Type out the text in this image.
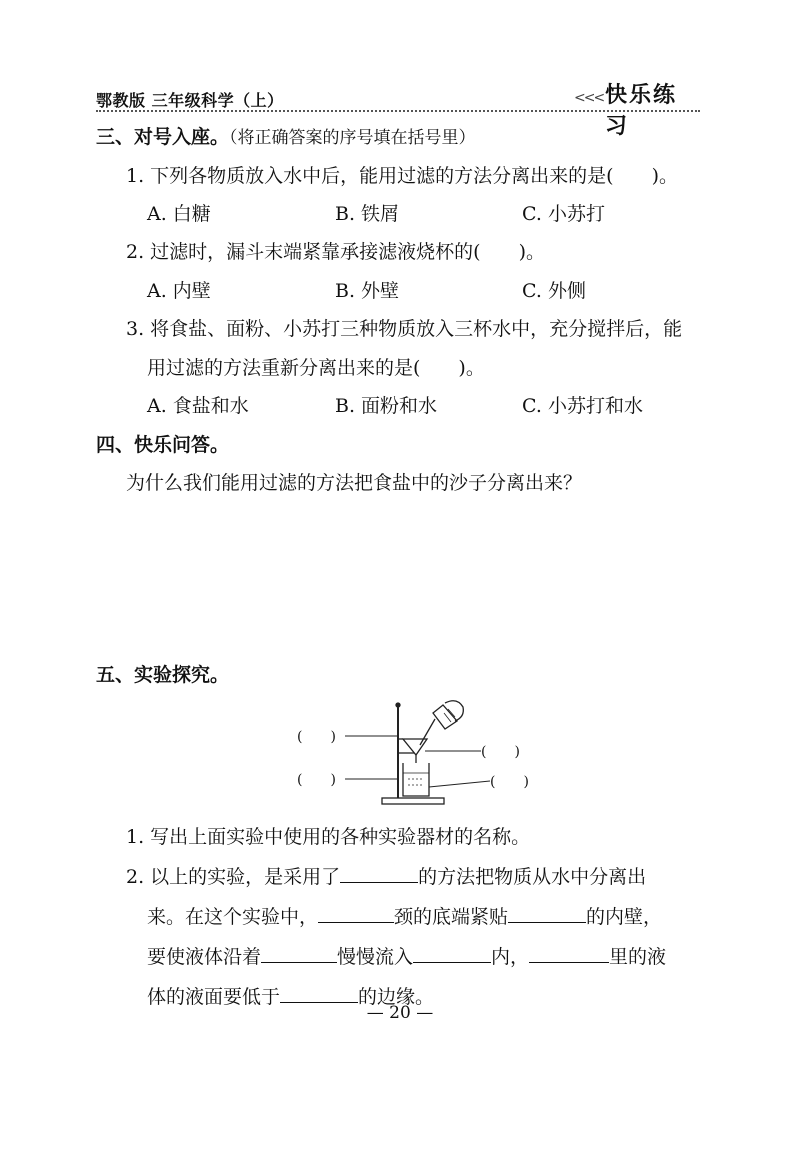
鄂教版 三年级科学（上）	<<< 快乐练习
三、对号入座。（将正确答案的序号填在括号里）
1. 下列各物质放入水中后，能用过滤的方法分离出来的是(　　)。
A. 白糖	B. 铁屑	C. 小苏打
2. 过滤时，漏斗末端紧靠承接滤液烧杯的(　　)。
A. 内壁	B. 外壁	C. 外侧
3. 将食盐、面粉、小苏打三种物质放入三杯水中，充分搅拌后，能
用过滤的方法重新分离出来的是(　　)。
A. 食盐和水	B. 面粉和水	C. 小苏打和水
四、快乐问答。
为什么我们能用过滤的方法把食盐中的沙子分离出来？
五、实验探究。
(　　)
(　　)
(　　)
(　　)
1. 写出上面实验中使用的各种实验器材的名称。
2. 以上的实验，是采用了	的方法把物质从水中分离出
来。在这个实验中，	颈的底端紧贴	的内壁，
要使液体沿着	慢慢流入	内，	里的液
体的液面要低于	的边缘。
— 20 —
